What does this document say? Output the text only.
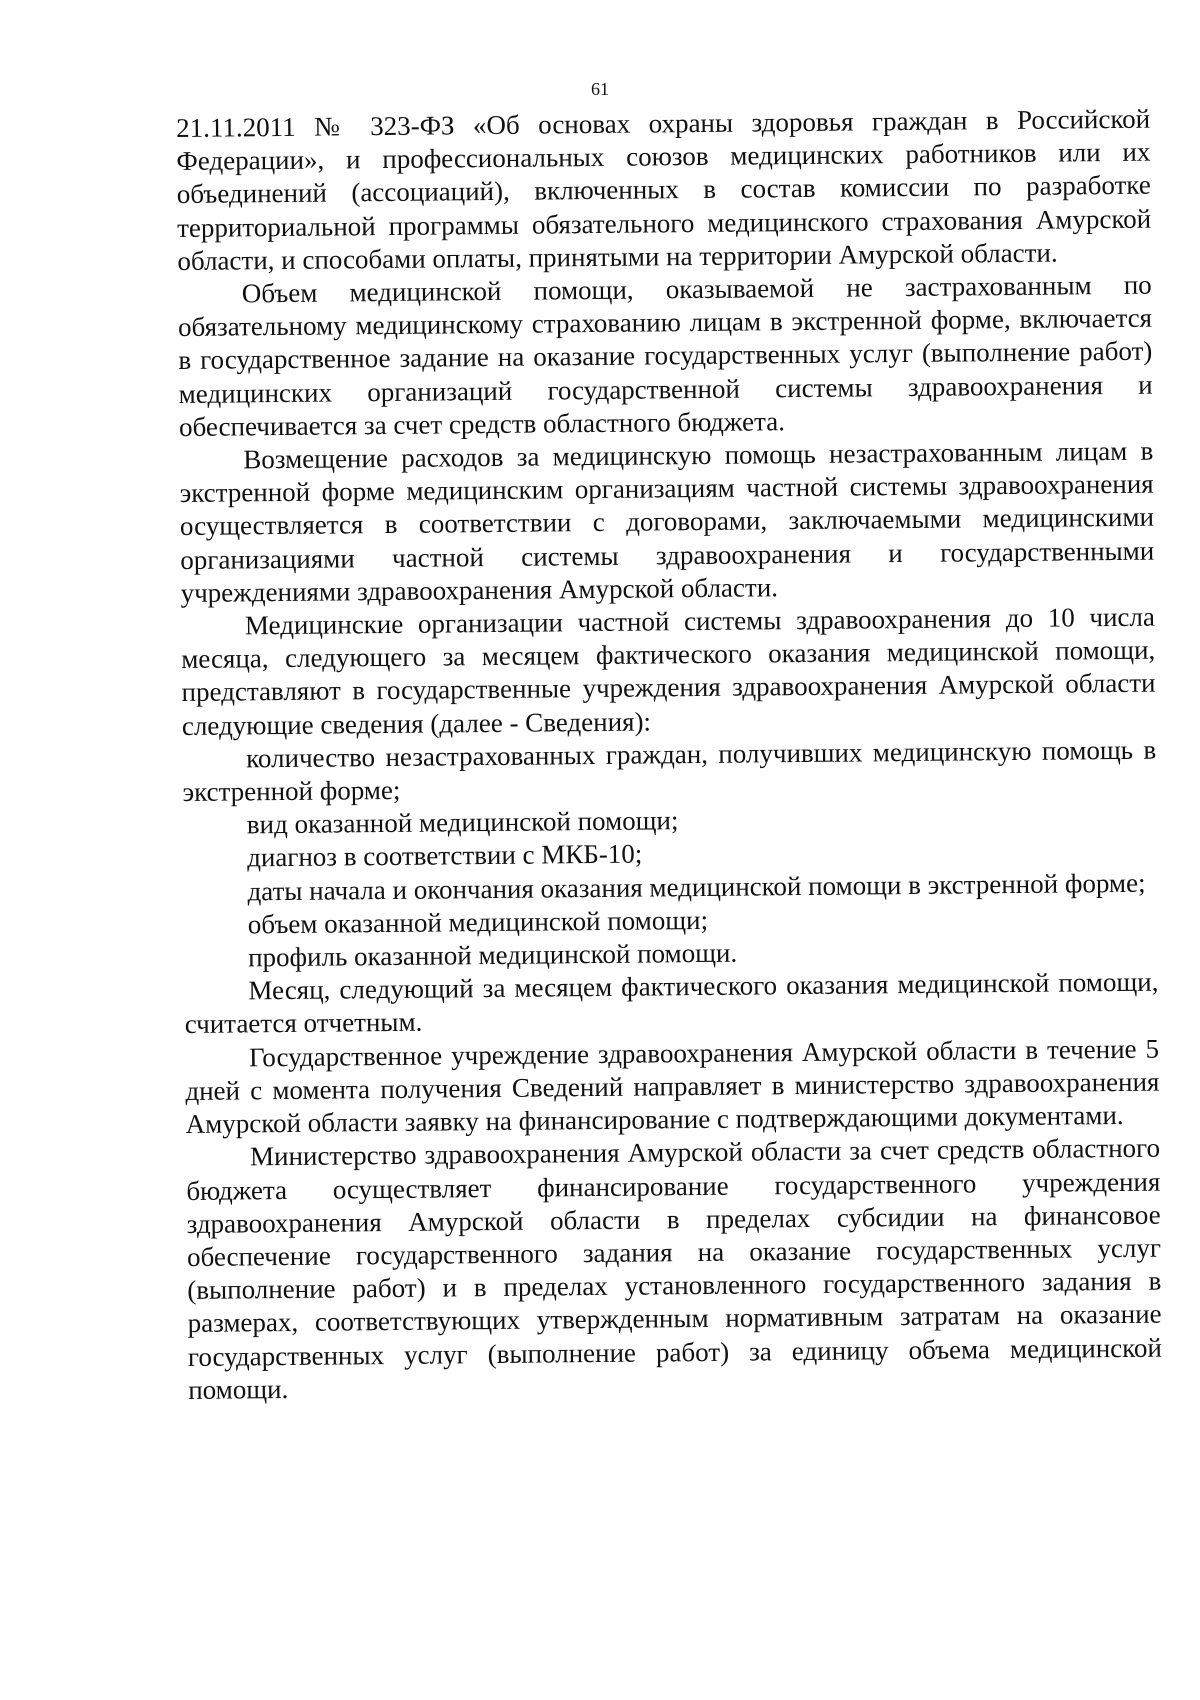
61

21.11.2011 № 323-ФЗ «Об основах охраны здоровья граждан в Российской Федерации», и профессиональных союзов медицинских работников или их объединений (ассоциаций), включенных в состав комиссии по разработке территориальной программы обязательного медицинского страхования Амурской области, и способами оплаты, принятыми на территории Амурской области.

Объем медицинской помощи, оказываемой не застрахованным по обязательному медицинскому страхованию лицам в экстренной форме, включается в государственное задание на оказание государственных услуг (выполнение работ) медицинских организаций государственной системы здравоохранения и обеспечивается за счет средств областного бюджета.

Возмещение расходов за медицинскую помощь незастрахованным лицам в экстренной форме медицинским организациям частной системы здравоохранения осуществляется в соответствии с договорами, заключаемыми медицинскими организациями частной системы здравоохранения и государственными учреждениями здравоохранения Амурской области.

Медицинские организации частной системы здравоохранения до 10 числа месяца, следующего за месяцем фактического оказания медицинской помощи, представляют в государственные учреждения здравоохранения Амурской области следующие сведения (далее - Сведения):

количество незастрахованных граждан, получивших медицинскую помощь в экстренной форме;

вид оказанной медицинской помощи;

диагноз в соответствии с МКБ-10;

даты начала и окончания оказания медицинской помощи в экстренной форме;

объем оказанной медицинской помощи;

профиль оказанной медицинской помощи.

Месяц, следующий за месяцем фактического оказания медицинской помощи, считается отчетным.

Государственное учреждение здравоохранения Амурской области в течение 5 дней с момента получения Сведений направляет в министерство здравоохранения Амурской области заявку на финансирование с подтверждающими документами.

Министерство здравоохранения Амурской области за счет средств областного бюджета осуществляет финансирование государственного учреждения здравоохранения Амурской области в пределах субсидии на финансовое обеспечение государственного задания на оказание государственных услуг (выполнение работ) и в пределах установленного государственного задания в размерах, соответствующих утвержденным нормативным затратам на оказание государственных услуг (выполнение работ) за единицу объема медицинской помощи.
